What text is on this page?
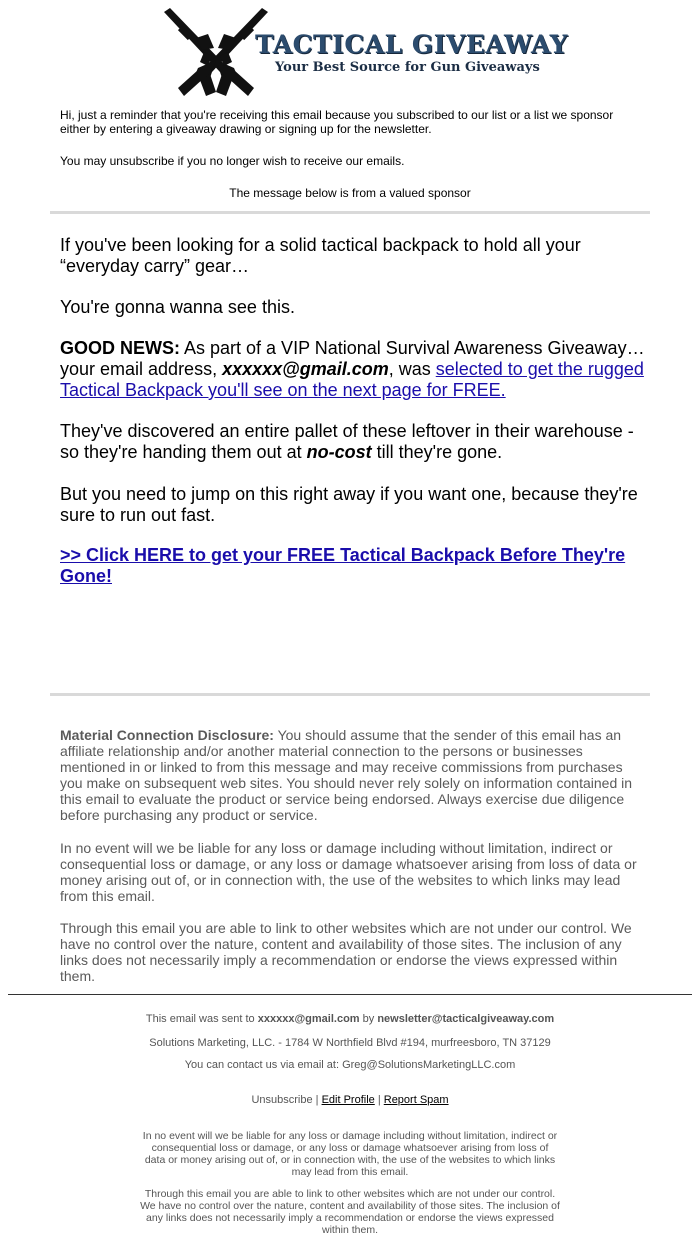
TACTICAL GIVEAWAY
Your Best Source for Gun Giveaways
Hi, just a reminder that you're receiving this email because you subscribed to our list or a list we sponsor either by entering a giveaway drawing or signing up for the newsletter.
You may unsubscribe if you no longer wish to receive our emails.
The message below is from a valued sponsor

If you've been looking for a solid tactical backpack to hold all your “everyday carry” gear…

You're gonna wanna see this.

GOOD NEWS: As part of a VIP National Survival Awareness Giveaway… your email address, xxxxxx@gmail.com, was selected to get the rugged Tactical Backpack you'll see on the next page for FREE.

They've discovered an entire pallet of these leftover in their warehouse - so they're handing them out at no-cost till they're gone.

But you need to jump on this right away if you want one, because they're sure to run out fast.

>> Click HERE to get your FREE Tactical Backpack Before They're Gone!

Material Connection Disclosure: You should assume that the sender of this email has an affiliate relationship and/or another material connection to the persons or businesses mentioned in or linked to from this message and may receive commissions from purchases you make on subsequent web sites. You should never rely solely on information contained in this email to evaluate the product or service being endorsed. Always exercise due diligence before purchasing any product or service.

In no event will we be liable for any loss or damage including without limitation, indirect or consequential loss or damage, or any loss or damage whatsoever arising from loss of data or money arising out of, or in connection with, the use of the websites to which links may lead from this email.

Through this email you are able to link to other websites which are not under our control. We have no control over the nature, content and availability of those sites. The inclusion of any links does not necessarily imply a recommendation or endorse the views expressed within them.

This email was sent to xxxxxx@gmail.com by newsletter@tacticalgiveaway.com
Solutions Marketing, LLC. - 1784 W Northfield Blvd #194, murfreesboro, TN 37129
You can contact us via email at: Greg@SolutionsMarketingLLC.com
Unsubscribe | Edit Profile | Report Spam
In no event will we be liable for any loss or damage including without limitation, indirect or consequential loss or damage, or any loss or damage whatsoever arising from loss of data or money arising out of, or in connection with, the use of the websites to which links may lead from this email.
Through this email you are able to link to other websites which are not under our control. We have no control over the nature, content and availability of those sites. The inclusion of any links does not necessarily imply a recommendation or endorse the views expressed within them.
